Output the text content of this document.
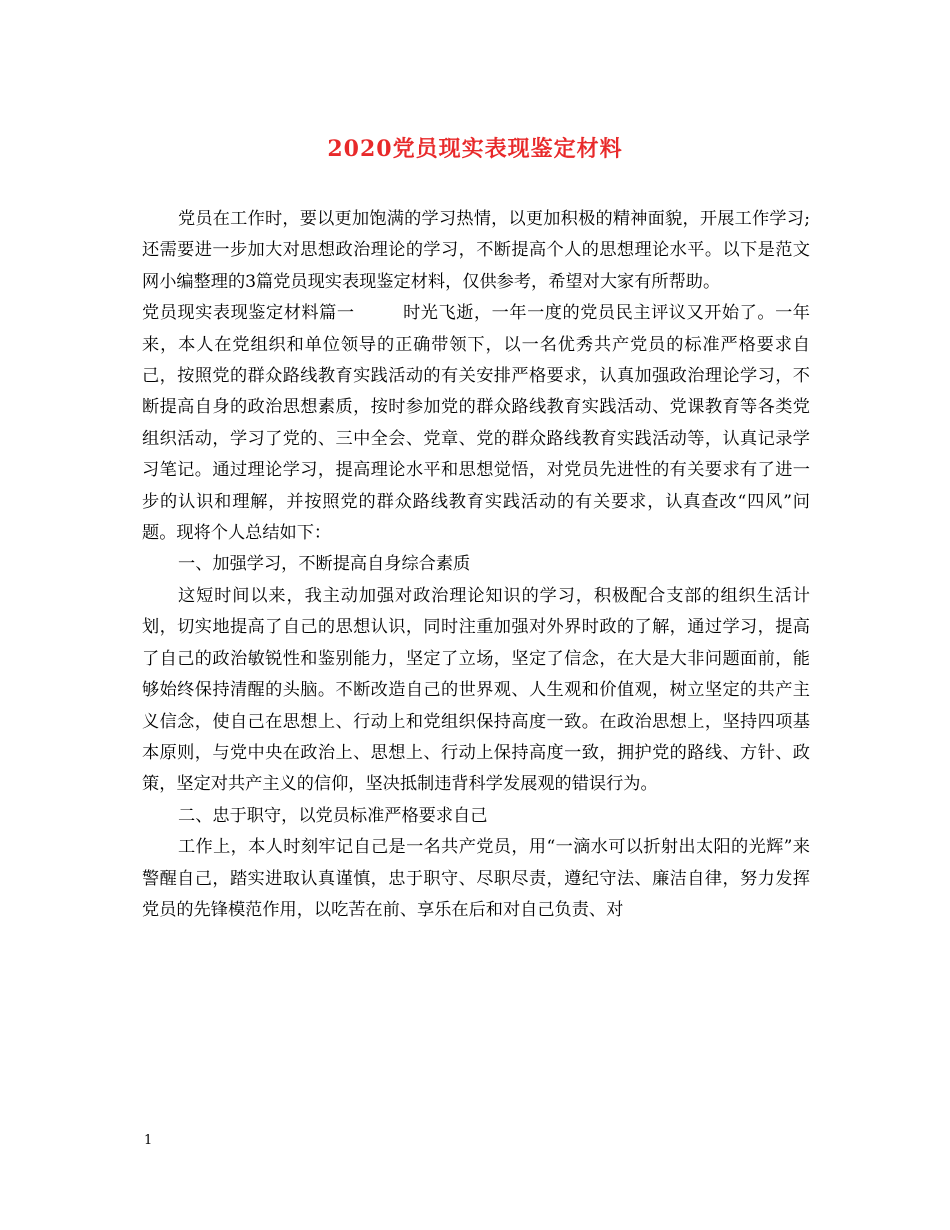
2020党员现实表现鉴定材料

党员在工作时，要以更加饱满的学习热情，以更加积极的精神面貌，开展工作学习;还需要进一步加大对思想政治理论的学习，不断提高个人的思想理论水平。以下是范文网小编整理的3篇党员现实表现鉴定材料，仅供参考，希望对大家有所帮助。

党员现实表现鉴定材料篇一	时光飞逝，一年一度的党员民主评议又开始了。一年来，本人在党组织和单位领导的正确带领下，以一名优秀共产党员的标准严格要求自己，按照党的群众路线教育实践活动的有关安排严格要求，认真加强政治理论学习，不断提高自身的政治思想素质，按时参加党的群众路线教育实践活动、党课教育等各类党组织活动，学习了党的、三中全会、党章、党的群众路线教育实践活动等，认真记录学习笔记。通过理论学习，提高理论水平和思想觉悟，对党员先进性的有关要求有了进一步的认识和理解，并按照党的群众路线教育实践活动的有关要求，认真查改“四风”问题。现将个人总结如下：

一、加强学习，不断提高自身综合素质

这短时间以来，我主动加强对政治理论知识的学习，积极配合支部的组织生活计划，切实地提高了自己的思想认识，同时注重加强对外界时政的了解，通过学习，提高了自己的政治敏锐性和鉴别能力，坚定了立场，坚定了信念，在大是大非问题面前，能够始终保持清醒的头脑。不断改造自己的世界观、人生观和价值观，树立坚定的共产主义信念，使自己在思想上、行动上和党组织保持高度一致。在政治思想上，坚持四项基本原则，与党中央在政治上、思想上、行动上保持高度一致，拥护党的路线、方针、政策，坚定对共产主义的信仰，坚决抵制违背科学发展观的错误行为。

二、忠于职守，以党员标准严格要求自己

工作上，本人时刻牢记自己是一名共产党员，用“一滴水可以折射出太阳的光辉”来警醒自己，踏实进取认真谨慎，忠于职守、尽职尽责，遵纪守法、廉洁自律，努力发挥党员的先锋模范作用，以吃苦在前、享乐在后和对自己负责、对

1
